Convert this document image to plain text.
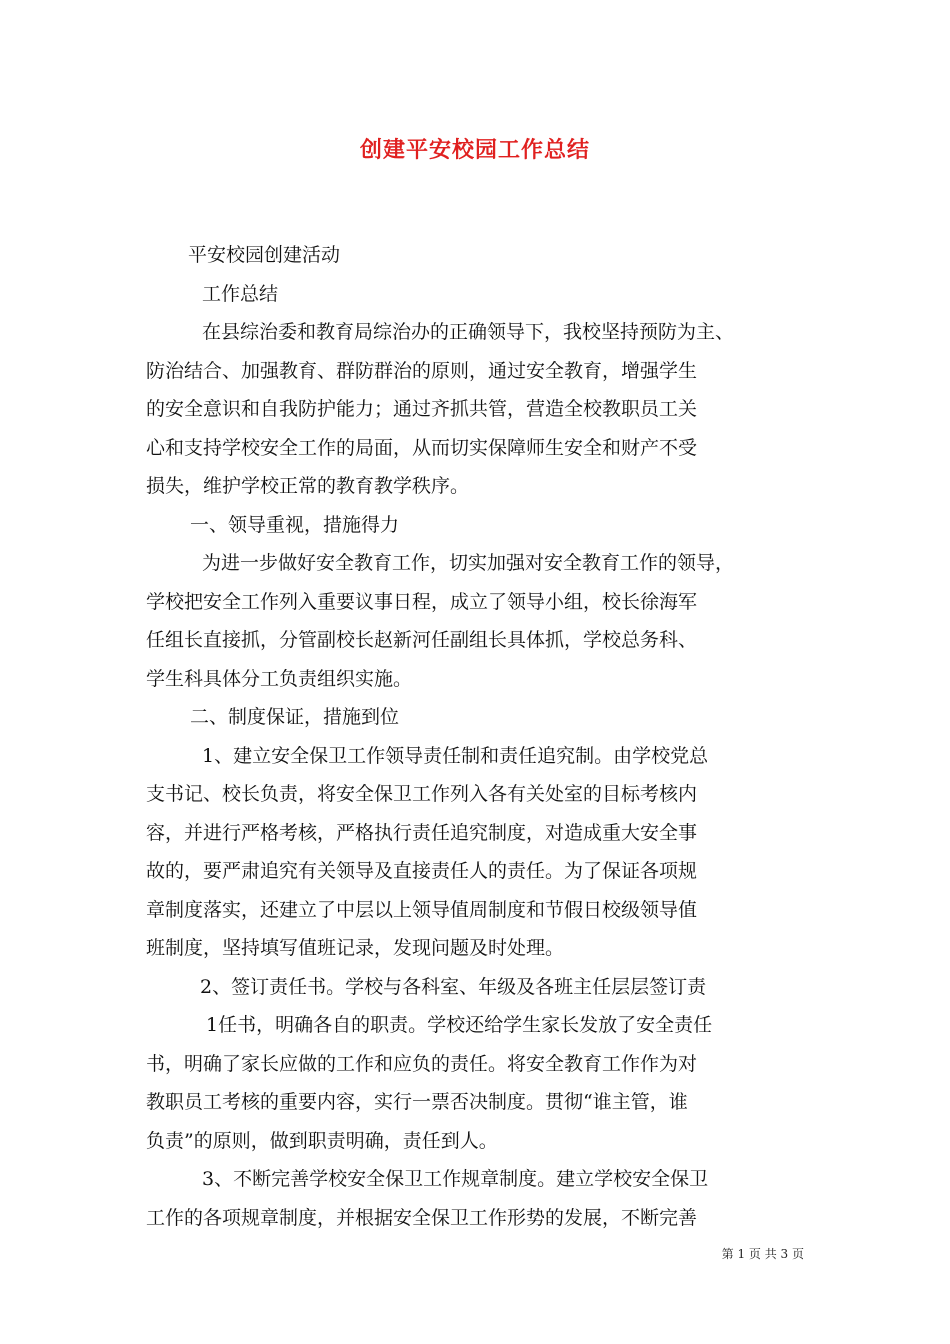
创建平安校园工作总结
平安校园创建活动
工作总结
在县综治委和教育局综治办的正确领导下，我校坚持预防为主、
防治结合、加强教育、群防群治的原则，通过安全教育，增强学生
的安全意识和自我防护能力；通过齐抓共管，营造全校教职员工关
心和支持学校安全工作的局面，从而切实保障师生安全和财产不受
损失，维护学校正常的教育教学秩序。
一、领导重视，措施得力
为进一步做好安全教育工作，切实加强对安全教育工作的领导，
学校把安全工作列入重要议事日程，成立了领导小组，校长徐海军
任组长直接抓，分管副校长赵新河任副组长具体抓，学校总务科、
学生科具体分工负责组织实施。
二、制度保证，措施到位
1、建立安全保卫工作领导责任制和责任追究制。由学校党总
支书记、校长负责，将安全保卫工作列入各有关处室的目标考核内
容，并进行严格考核，严格执行责任追究制度，对造成重大安全事
故的，要严肃追究有关领导及直接责任人的责任。为了保证各项规
章制度落实，还建立了中层以上领导值周制度和节假日校级领导值
班制度，坚持填写值班记录，发现问题及时处理。
2、签订责任书。学校与各科室、年级及各班主任层层签订责
1任书，明确各自的职责。学校还给学生家长发放了安全责任
书，明确了家长应做的工作和应负的责任。将安全教育工作作为对
教职员工考核的重要内容，实行一票否决制度。贯彻“谁主管，谁
负责”的原则，做到职责明确，责任到人。
3、不断完善学校安全保卫工作规章制度。建立学校安全保卫
工作的各项规章制度，并根据安全保卫工作形势的发展，不断完善
第 1 页 共 3 页
